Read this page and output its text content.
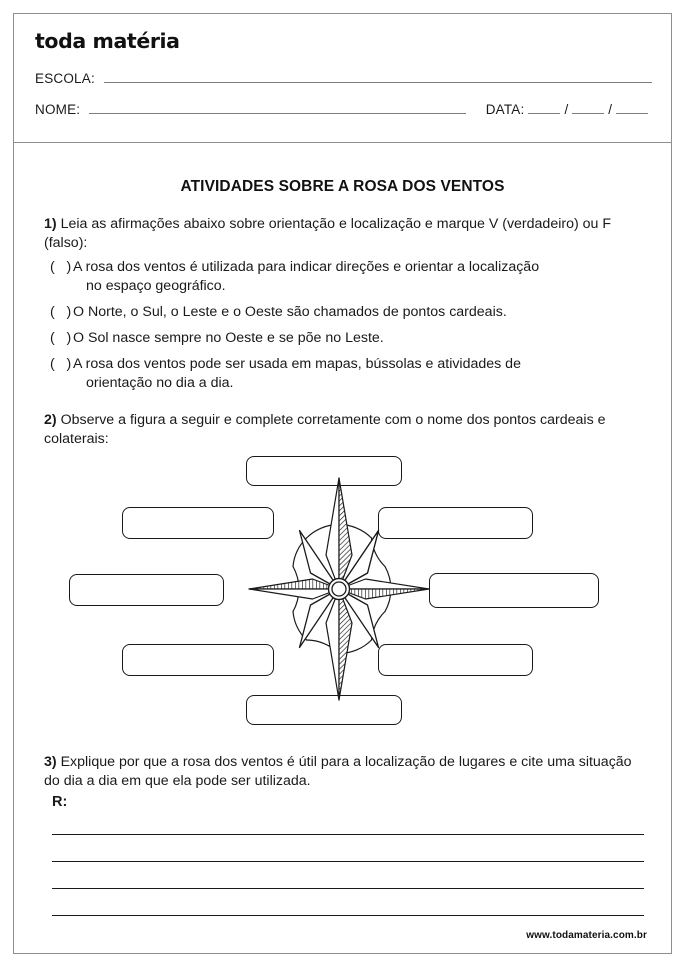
toda matéria
ESCOLA:
NOME:	DATA:	/	/
ATIVIDADES SOBRE A ROSA DOS VENTOS
1) Leia as afirmações abaixo sobre orientação e localização e marque V (verdadeiro) ou F (falso):
(   ) A rosa dos ventos é utilizada para indicar direções e orientar a localização
no espaço geográfico.
(   ) O Norte, o Sul, o Leste e o Oeste são chamados de pontos cardeais.
(   ) O Sol nasce sempre no Oeste e se põe no Leste.
(   ) A rosa dos ventos pode ser usada em mapas, bússolas e atividades de
orientação no dia a dia.
2) Observe a figura a seguir e complete corretamente com o nome dos pontos cardeais e colaterais:
3) Explique por que a rosa dos ventos é útil para a localização de lugares e cite uma situação do dia a dia em que ela pode ser utilizada.
R:
www.todamateria.com.br
